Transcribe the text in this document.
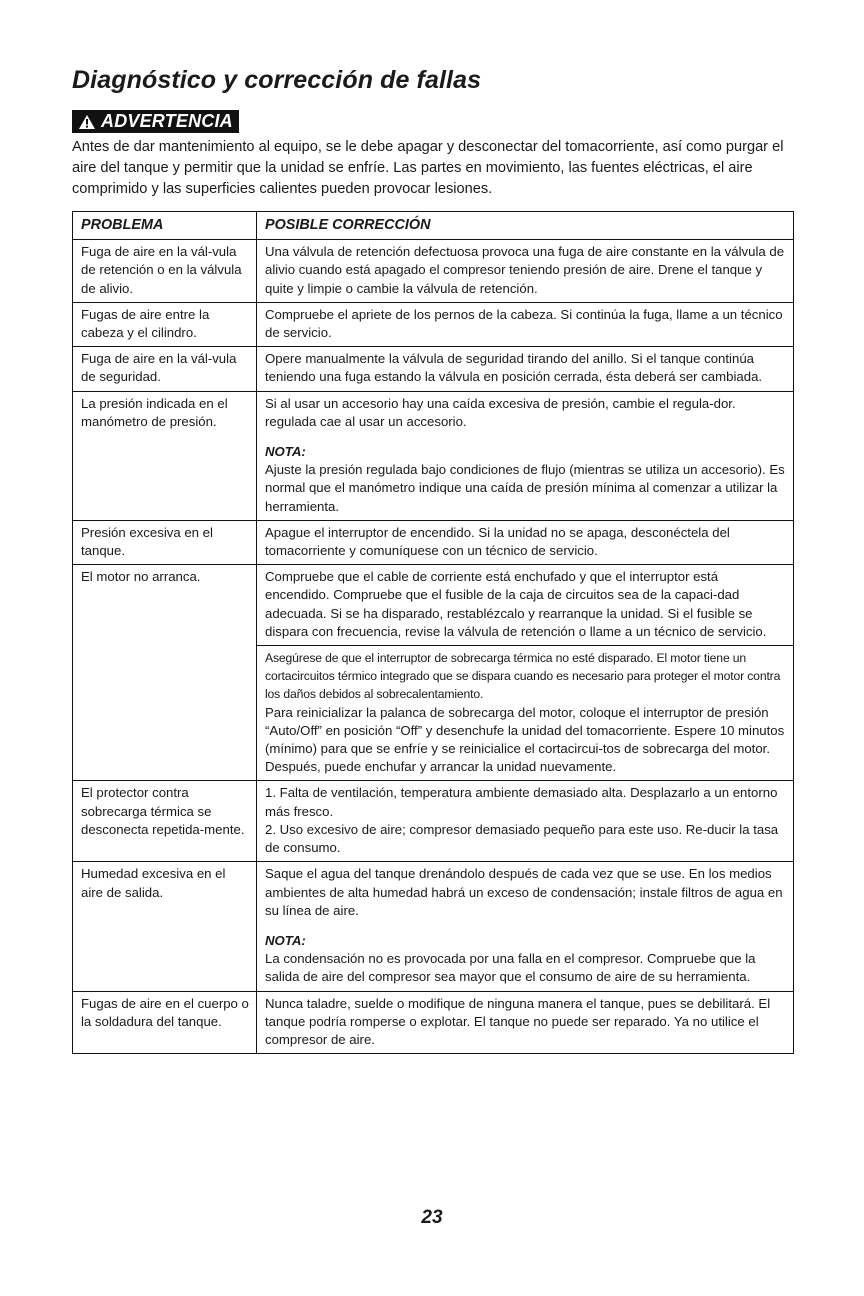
Diagnóstico y corrección de fallas
ADVERTENCIA

Antes de dar mantenimiento al equipo, se le debe apagar y desconectar del tomacorriente, así como purgar el aire del tanque y permitir que la unidad se enfríe. Las partes en movimiento, las fuentes eléctricas, el aire comprimido y las superficies calientes pueden provocar lesiones.

PROBLEMA	POSIBLE CORRECCIÓN
Fuga de aire en la vál-vula de retención o en la válvula de alivio.	Una válvula de retención defectuosa provoca una fuga de aire constante en la válvula de alivio cuando está apagado el compresor teniendo presión de aire. Drene el tanque y quite y limpie o cambie la válvula de retención.
Fugas de aire entre la cabeza y el cilindro.	Compruebe el apriete de los pernos de la cabeza. Si continúa la fuga, llame a un técnico de servicio.
Fuga de aire en la vál-vula de seguridad.	Opere manualmente la válvula de seguridad tirando del anillo. Si el tanque continúa teniendo una fuga estando la válvula en posición cerrada, ésta deberá ser cambiada.
La presión indicada en el manómetro de presión.	Si al usar un accesorio hay una caída excesiva de presión, cambie el regula-dor. regulada cae al usar un accesorio.

NOTA:

Ajuste la presión regulada bajo condiciones de flujo (mientras se utiliza un accesorio). Es normal que el manómetro indique una caída de presión mínima al comenzar a utilizar la herramienta.

Presión excesiva en el tanque.	Apague el interruptor de encendido. Si la unidad no se apaga, desconéctela del tomacorriente y comuníquese con un técnico de servicio.
El motor no arranca.	Compruebe que el cable de corriente está enchufado y que el interruptor está encendido. Compruebe que el fusible de la caja de circuitos sea de la capaci-dad adecuada. Si se ha disparado, restablézcalo y rearranque la unidad. Si el fusible se dispara con frecuencia, revise la válvula de retención o llame a un técnico de servicio.

	Asegúrese de que el interruptor de sobrecarga térmica no esté disparado. El motor tiene un cortacircuitos térmico integrado que se dispara cuando es necesario para proteger el motor contra los daños debidos al sobrecalentamiento.

Para reinicializar la palanca de sobrecarga del motor, coloque el interruptor de presión “Auto/Off” en posición “Off” y desenchufe la unidad del tomacorriente. Espere 10 minutos (mínimo) para que se enfríe y se reinicialice el cortacircui-tos de sobrecarga del motor. Después, puede enchufar y arrancar la unidad nuevamente.

El protector contra sobrecarga térmica se desconecta repetida-mente.	1. Falta de ventilación, temperatura ambiente demasiado alta. Desplazarlo a un entorno más fresco.

2. Uso excesivo de aire; compresor demasiado pequeño para este uso. Re-ducir la tasa de consumo.

Humedad excesiva en el aire de salida.	Saque el agua del tanque drenándolo después de cada vez que se use. En los medios ambientes de alta humedad habrá un exceso de condensación; instale filtros de agua en su línea de aire.

NOTA:

La condensación no es provocada por una falla en el compresor. Compruebe que la salida de aire del compresor sea mayor que el consumo de aire de su herramienta.

Fugas de aire en el cuerpo o la soldadura del tanque.	Nunca taladre, suelde o modifique de ninguna manera el tanque, pues se debilitará. El tanque podría romperse o explotar. El tanque no puede ser reparado. Ya no utilice el compresor de aire.
23
